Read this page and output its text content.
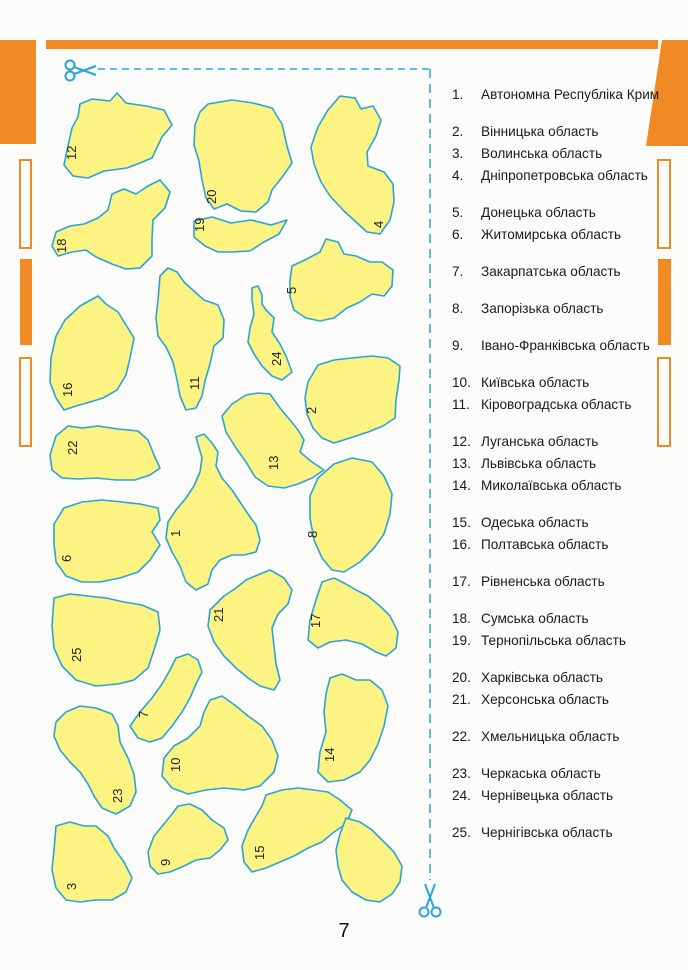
12
20
4
18
19
5
16	11
24
2
22
13
1	8
6
25
21	17
7
14
10
23
9
15
3
1.	Автономна Республіка Крим
2.	Вінницька область
3.	Волинська область
4.	Дніпропетровська область
5.	Донецька область
6.	Житомирська область
7.	Закарпатська область
8.	Запорізька область
9.	Івано-Франківська область
10. Київська область
11. Кіровоградська область
12. Луганська область
13. Львівська область
14. Миколаївська область
15. Одеська область
16. Полтавська область
17. Рівненська область
18. Сумська область
19. Тернопільська область
20. Харківська область
21. Херсонська область
22. Хмельницька область
23. Черкаська область
24. Чернівецька область
25. Чернігівська область
7
